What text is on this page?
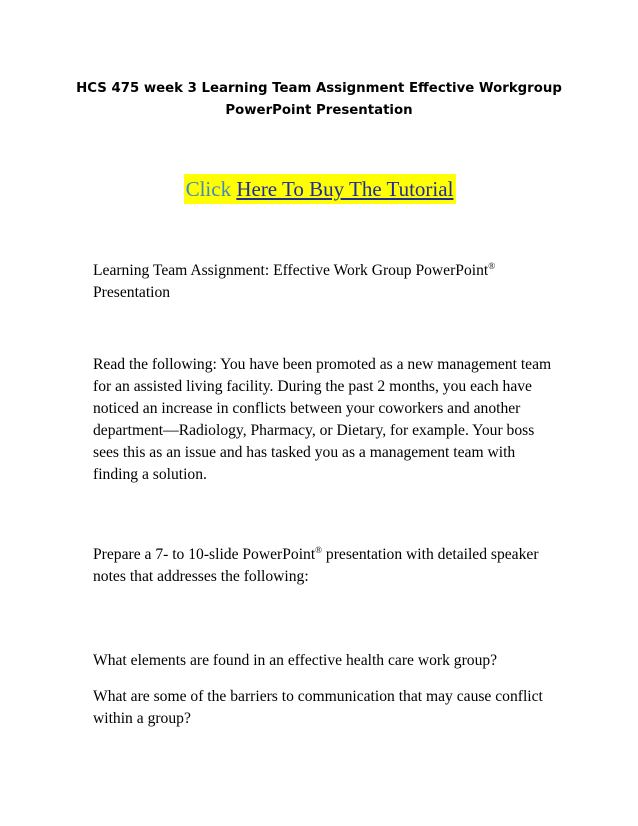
HCS 475 week 3 Learning Team Assignment Effective Workgroup
PowerPoint Presentation
Click Here To Buy The Tutorial
Learning Team Assignment: Effective Work Group PowerPoint®
Presentation
Read the following: You have been promoted as a new management team for an assisted living facility. During the past 2 months, you each have noticed an increase in conflicts between your coworkers and another department—Radiology, Pharmacy, or Dietary, for example. Your boss sees this as an issue and has tasked you as a management team with finding a solution.
Prepare a 7- to 10-slide PowerPoint® presentation with detailed speaker notes that addresses the following:
What elements are found in an effective health care work group?
What are some of the barriers to communication that may cause conflict within a group?
